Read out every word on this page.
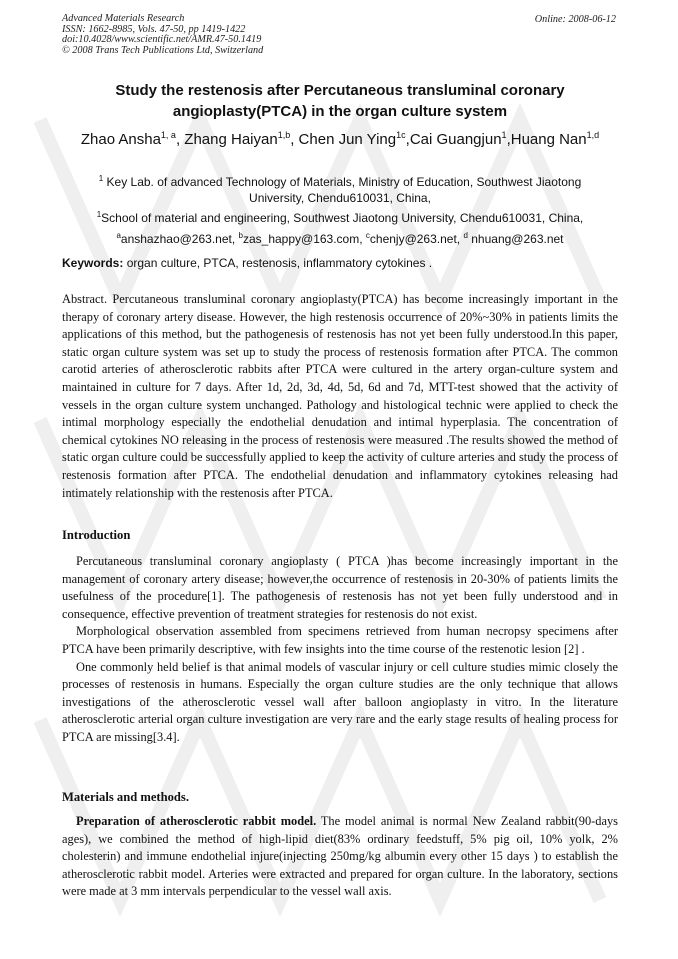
Advanced Materials Research
ISSN: 1662-8985, Vols. 47-50, pp 1419-1422
doi:10.4028/www.scientific.net/AMR.47-50.1419
© 2008 Trans Tech Publications Ltd, Switzerland
Online: 2008-06-12
Study the restenosis after Percutaneous transluminal coronary
angioplasty(PTCA) in the organ culture system
Zhao Ansha$^{1, a}$, Zhang Haiyan$^{1,b}$, Chen Jun Ying$^{1c}$,Cai Guangjun$^1$,Huang Nan$^{1,d}$
$^1$ Key Lab. of advanced Technology of Materials, Ministry of Education, Southwest Jiaotong
University, Chendu610031, China,
$^1$School of material and engineering, Southwest Jiaotong University, Chendu610031, China,
$^a$anshazhao@263.net, $^b$zas_happy@163.com, $^c$chenjy@263.net, $^d$ nhuang@263.net
Keywords: organ culture, PTCA, restenosis, inflammatory cytokines .
Abstract. Percutaneous transluminal coronary angioplasty(PTCA) has become increasingly important in the therapy of coronary artery disease. However, the high restenosis occurrence of 20%~30% in patients limits the applications of this method, but the pathogenesis of restenosis has not yet been fully understood.In this paper, static organ culture system was set up to study the process of restenosis formation after PTCA. The common carotid arteries of atherosclerotic rabbits after PTCA were cultured in the artery organ-culture system and maintained in culture for 7 days. After 1d, 2d, 3d, 4d, 5d, 6d and 7d, MTT-test showed that the activity of vessels in the organ culture system unchanged. Pathology and histological technic were applied to check the intimal morphology especially the endothelial denudation and intimal hyperplasia. The concentration of chemical cytokines NO releasing in the process of restenosis were measured .The results showed the method of static organ culture could be successfully applied to keep the activity of culture arteries and study the process of restenosis formation after PTCA. The endothelial denudation and inflammatory cytokines releasing had intimately relationship with the restenosis after PTCA.
Introduction

Percutaneous transluminal coronary angioplasty ( PTCA )has become increasingly important in the management of coronary artery disease; however,the occurrence of restenosis in 20-30% of patients limits the usefulness of the procedure[1]. The pathogenesis of restenosis has not yet been fully understood and in consequence, effective prevention of treatment strategies for restenosis do not exist.

Morphological observation assembled from specimens retrieved from human necropsy specimens after PTCA have been primarily descriptive, with few insights into the time course of the restenotic lesion [2] .

One commonly held belief is that animal models of vascular injury or cell culture studies mimic closely the processes of restenosis in humans. Especially the organ culture studies are the only technique that allows investigations of the atherosclerotic vessel wall after balloon angioplasty in vitro. In the literature atherosclerotic arterial organ culture investigation are very rare and the early stage results of healing process for PTCA are missing[3.4].

Materials and methods.

Preparation of atherosclerotic rabbit model. The model animal is normal New Zealand rabbit(90-days ages), we combined the method of high-lipid diet(83% ordinary feedstuff, 5% pig oil, 10% yolk, 2% cholesterin) and immune endothelial injure(injecting 250mg/kg albumin every other 15 days ) to establish the atherosclerotic rabbit model. Arteries were extracted and prepared for organ culture. In the laboratory, sections were made at 3 mm intervals perpendicular to the vessel wall axis.
